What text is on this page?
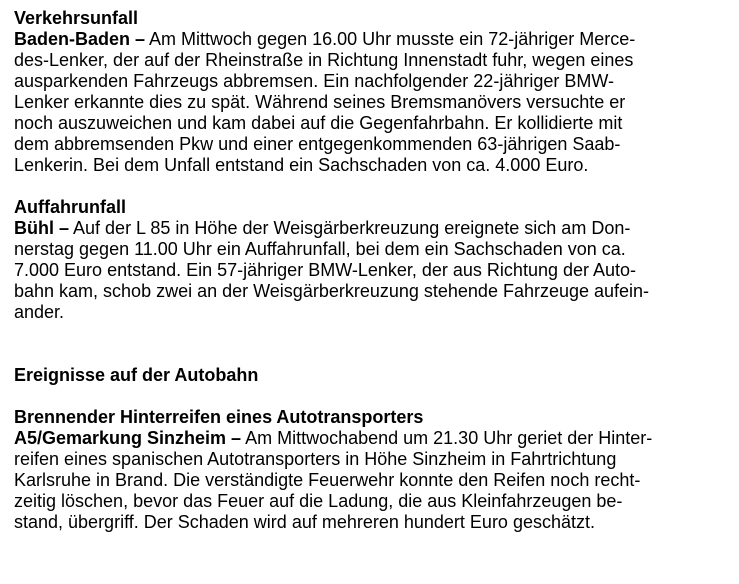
Verkehrsunfall
Baden-Baden – Am Mittwoch gegen 16.00 Uhr musste ein 72-jähriger Merce-
des-Lenker, der auf der Rheinstraße in Richtung Innenstadt fuhr, wegen eines
ausparkenden Fahrzeugs abbremsen. Ein nachfolgender 22-jähriger BMW-
Lenker erkannte dies zu spät. Während seines Bremsmanövers versuchte er
noch auszuweichen und kam dabei auf die Gegenfahrbahn. Er kollidierte mit
dem abbremsenden Pkw und einer entgegenkommenden 63-jährigen Saab-
Lenkerin. Bei dem Unfall entstand ein Sachschaden von ca. 4.000 Euro.
Auffahrunfall
Bühl – Auf der L 85 in Höhe der Weisgärberkreuzung ereignete sich am Don-
nerstag gegen 11.00 Uhr ein Auffahrunfall, bei dem ein Sachschaden von ca.
7.000 Euro entstand. Ein 57-jähriger BMW-Lenker, der aus Richtung der Auto-
bahn kam, schob zwei an der Weisgärberkreuzung stehende Fahrzeuge aufein-
ander.
Ereignisse auf der Autobahn
Brennender Hinterreifen eines Autotransporters
A5/Gemarkung Sinzheim – Am Mittwochabend um 21.30 Uhr geriet der Hinter-
reifen eines spanischen Autotransporters in Höhe Sinzheim in Fahrtrichtung
Karlsruhe in Brand. Die verständigte Feuerwehr konnte den Reifen noch recht-
zeitig löschen, bevor das Feuer auf die Ladung, die aus Kleinfahrzeugen be-
stand, übergriff. Der Schaden wird auf mehreren hundert Euro geschätzt.
